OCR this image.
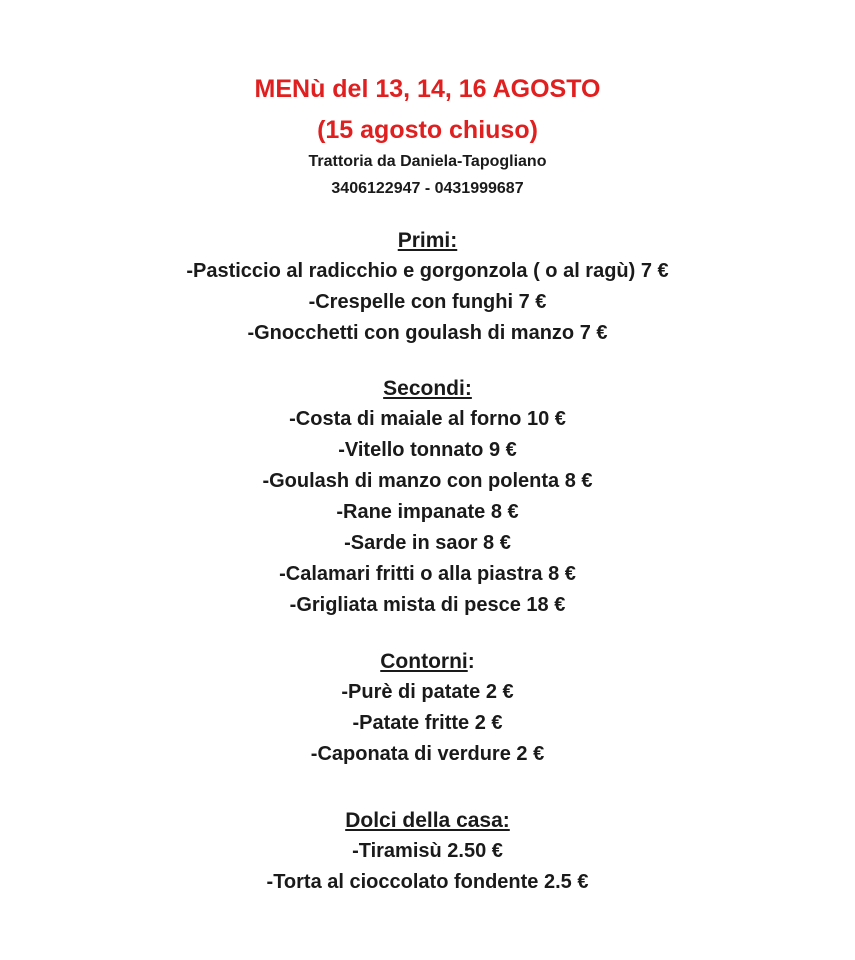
MENù del 13, 14, 16 AGOSTO
(15 agosto chiuso)
Trattoria da Daniela-Tapogliano
3406122947 - 0431999687
Primi:
-Pasticcio al radicchio e gorgonzola ( o al ragù) 7 €
-Crespelle con funghi 7 €
-Gnocchetti con goulash di manzo 7 €
Secondi:
-Costa di maiale al forno 10 €
-Vitello tonnato 9 €
-Goulash di manzo con polenta 8 €
-Rane impanate 8 €
-Sarde in saor 8 €
-Calamari fritti o alla piastra 8 €
-Grigliata mista di pesce 18 €
Contorni:
-Purè di patate 2 €
-Patate fritte 2 €
-Caponata di verdure 2 €
Dolci della casa:
-Tiramisù 2.50 €
-Torta al cioccolato fondente 2.5 €
